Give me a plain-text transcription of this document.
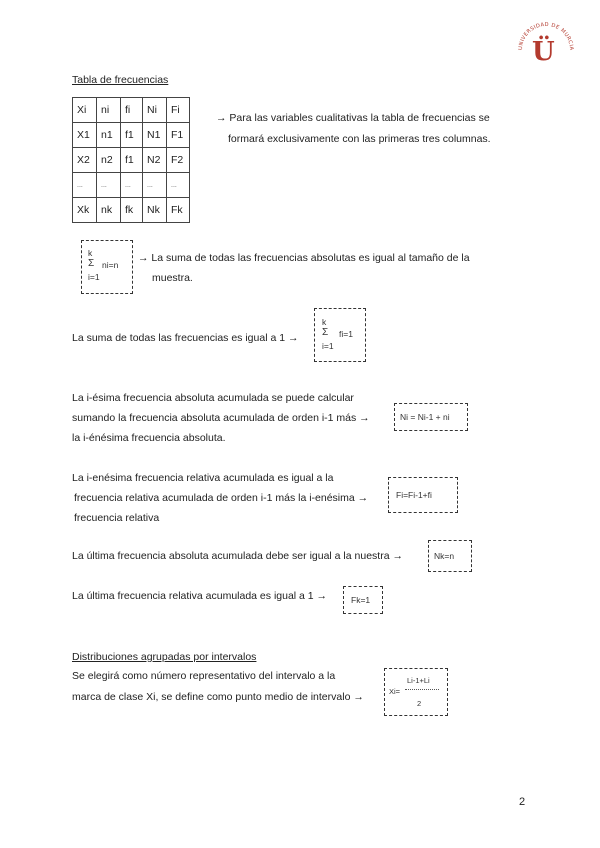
UNIVERSIDAD DE MURCIA
Ü
Tabla de frecuencias
Xi	ni	fi	Ni	Fi
X1	n1	f1	N1	F1
X2	n2	f1	N2	F2
...	...	...	...	...
Xk	nk	fk	Nk	Fk
→ Para las variables cualitativas la tabla de frecuencias se
formará exclusivamente con las primeras tres columnas.
k
Σ ni=n
i=1
→ La suma de todas las frecuencias absolutas es igual al tamaño de la
muestra.
La suma de todas las frecuencias es igual a 1 →
k
Σ fi=1
i=1
La i-ésima frecuencia absoluta acumulada se puede calcular
sumando la frecuencia absoluta acumulada de orden i-1 más →
la i-énésima frecuencia absoluta.
Ni = Ni-1 + ni
La i-enésima frecuencia relativa acumulada es igual a la
frecuencia relativa acumulada de orden i-1 más la i-enésima →
frecuencia relativa
Fi=Fi-1+fi
La última frecuencia absoluta acumulada debe ser igual a la nuestra →	Nk=n
La última frecuencia relativa acumulada es igual a 1 →	Fk=1
Distribuciones agrupadas por intervalos
Se elegirá como número representativo del intervalo a la
marca de clase Xi, se define como punto medio de intervalo →	Xi=
Li-1+Li
2
2
